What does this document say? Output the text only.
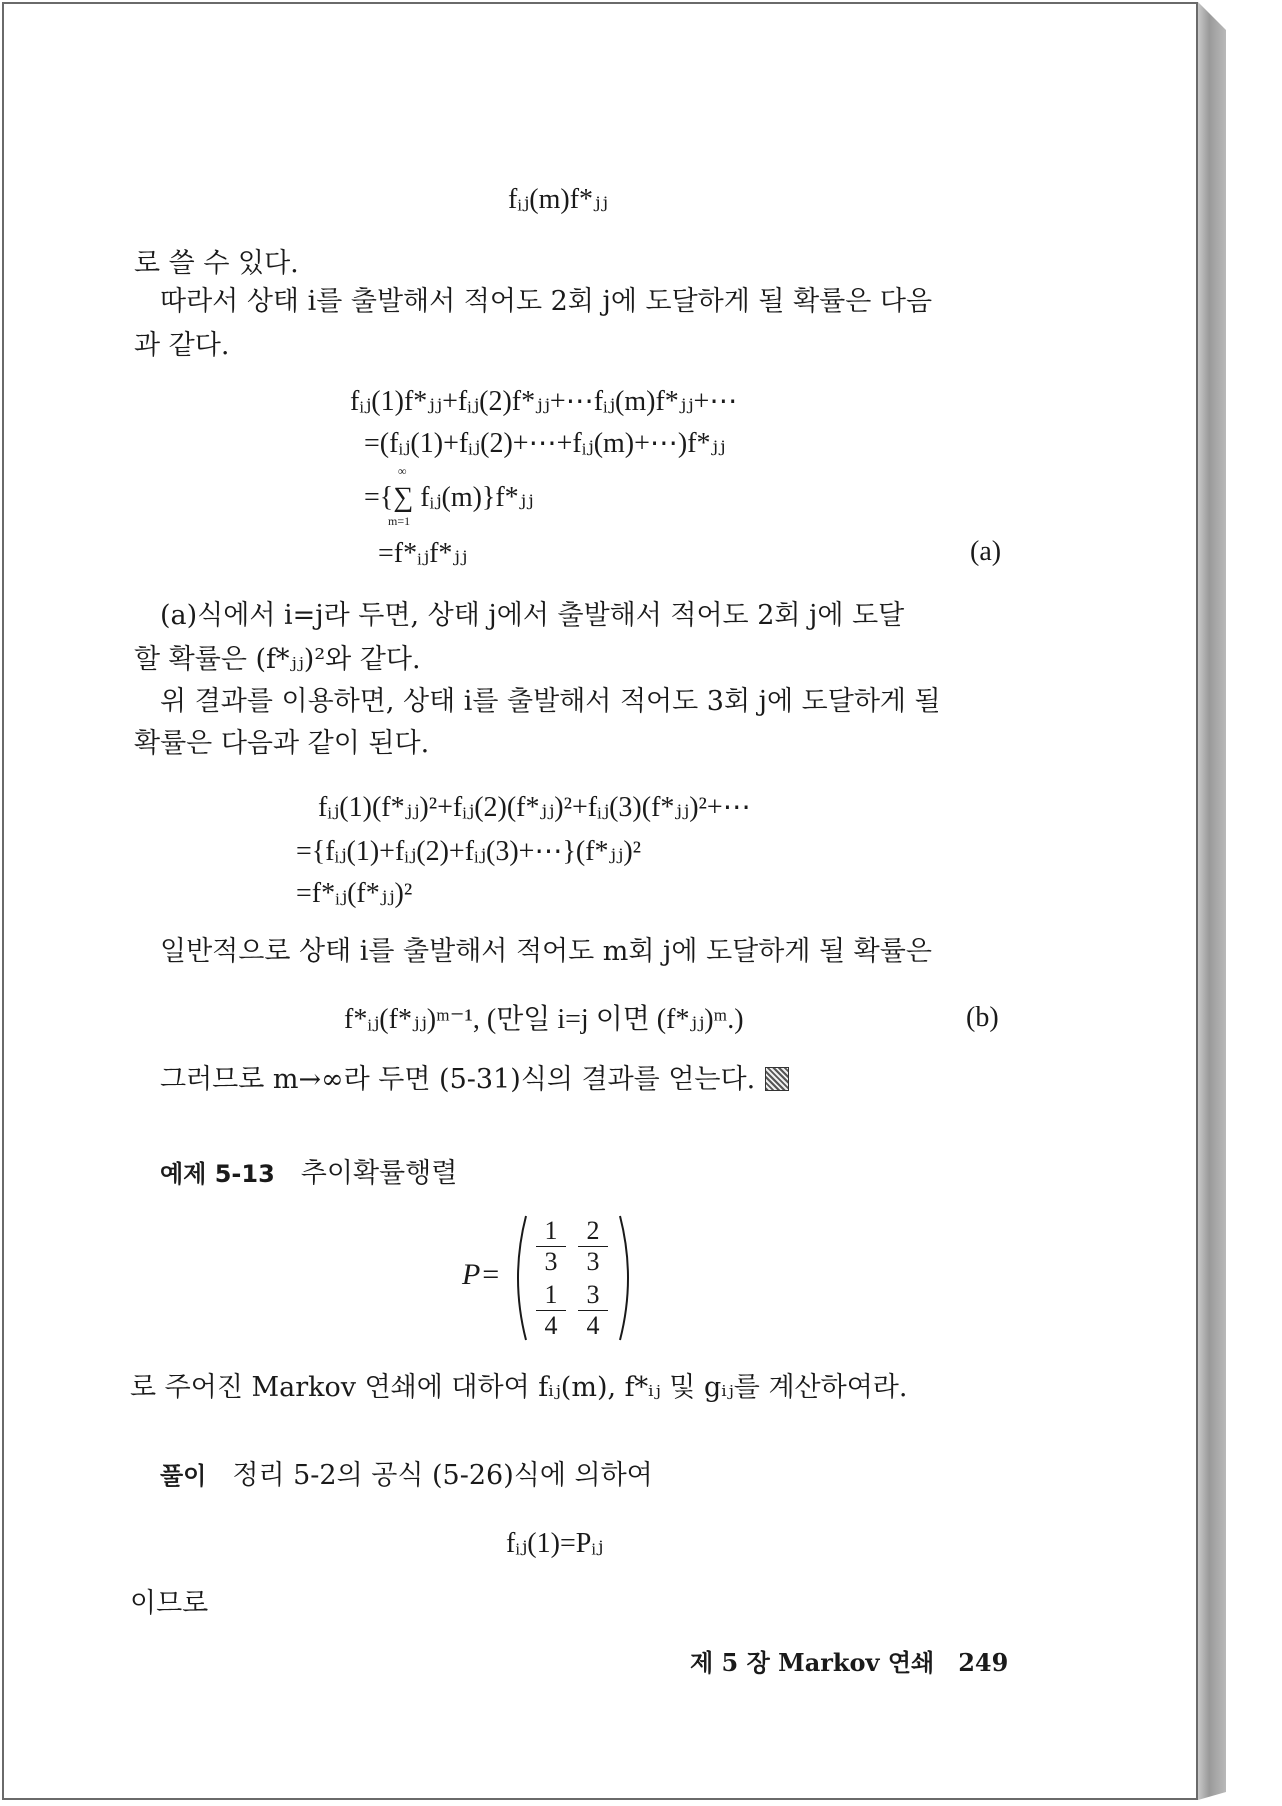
fᵢⱼ(m)f*ⱼⱼ
로 쓸 수 있다.
따라서 상태 i를 출발해서 적어도 2회 j에 도달하게 될 확률은 다음
과 같다.
fᵢⱼ(1)f*ⱼⱼ+fᵢⱼ(2)f*ⱼⱼ+⋯fᵢⱼ(m)f*ⱼⱼ+⋯
=(fᵢⱼ(1)+fᵢⱼ(2)+⋯+fᵢⱼ(m)+⋯)f*ⱼⱼ
={∑ fᵢⱼ(m)}f*ⱼⱼ
∞
m=1
=f*ᵢⱼf*ⱼⱼ	(a)
(a)식에서 i=j라 두면, 상태 j에서 출발해서 적어도 2회 j에 도달
할 확률은 (f*ⱼⱼ)²와 같다.
위 결과를 이용하면, 상태 i를 출발해서 적어도 3회 j에 도달하게 될
확률은 다음과 같이 된다.
fᵢⱼ(1)(f*ⱼⱼ)²+fᵢⱼ(2)(f*ⱼⱼ)²+fᵢⱼ(3)(f*ⱼⱼ)²+⋯
={fᵢⱼ(1)+fᵢⱼ(2)+fᵢⱼ(3)+⋯}(f*ⱼⱼ)²
=f*ᵢⱼ(f*ⱼⱼ)²
일반적으로 상태 i를 출발해서 적어도 m회 j에 도달하게 될 확률은
f*ᵢⱼ(f*ⱼⱼ)ᵐ⁻¹, (만일 i=j 이면 (f*ⱼⱼ)ᵐ.)	(b)
그러므로 m→∞라 두면 (5-31)식의 결과를 얻는다.
예제 5-13 추이확률행렬
P=
1
3
2
3
1
4
3
4
로 주어진 Markov 연쇄에 대하여 fᵢⱼ(m), f*ᵢⱼ 및 gᵢⱼ를 계산하여라.
풀이 정리 5-2의 공식 (5-26)식에 의하여
fᵢⱼ(1)=Pᵢⱼ
이므로
제 5 장 Markov 연쇄 249
